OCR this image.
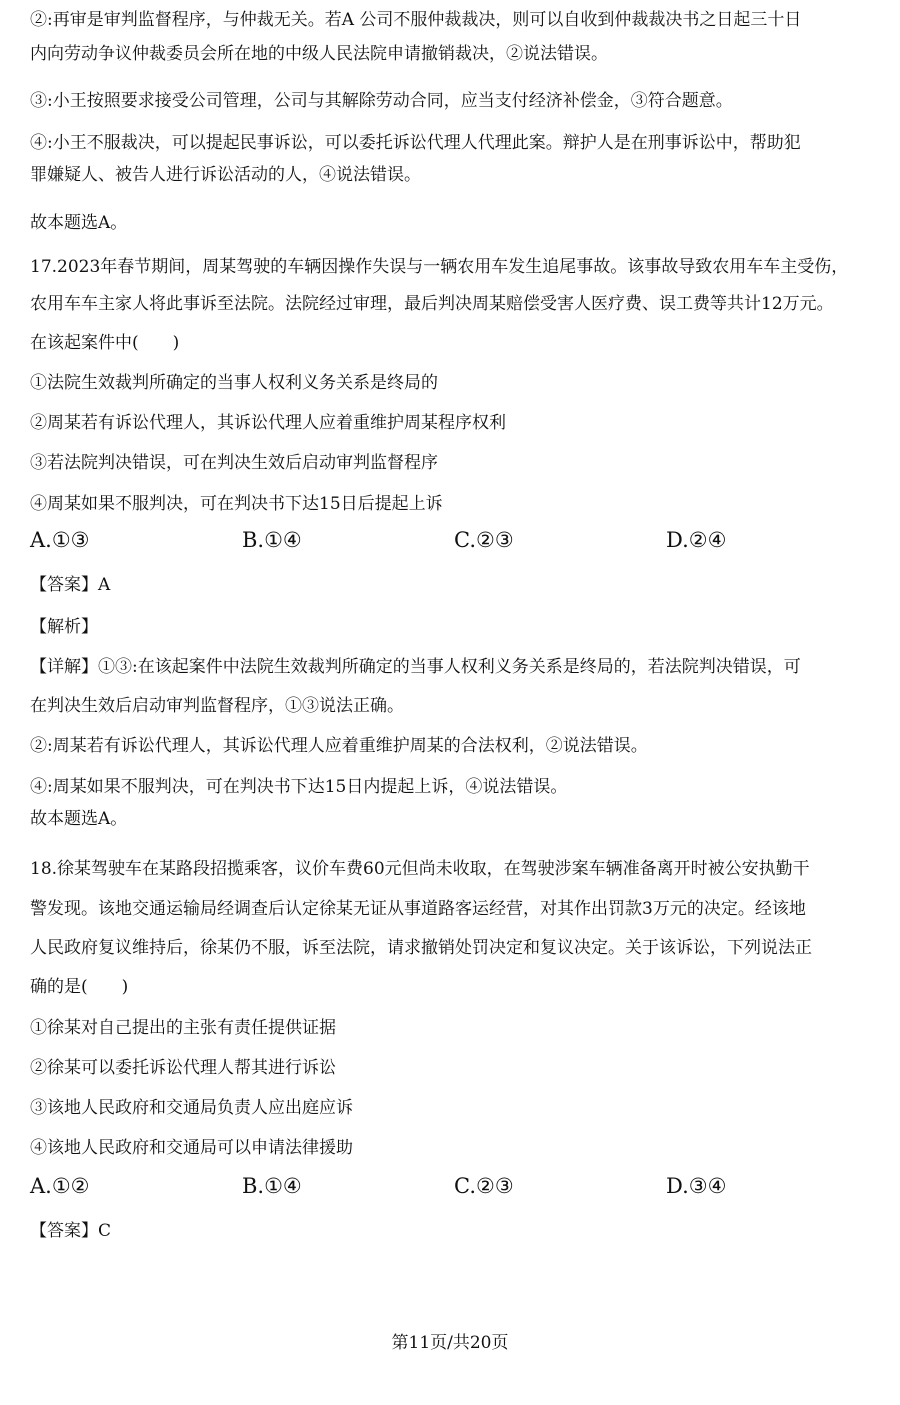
②:再审是审判监督程序，与仲裁无关。若A 公司不服仲裁裁决，则可以自收到仲裁裁决书之日起三十日
内向劳动争议仲裁委员会所在地的中级人民法院申请撤销裁决，②说法错误。
③:小王按照要求接受公司管理，公司与其解除劳动合同，应当支付经济补偿金，③符合题意。
④:小王不服裁决，可以提起民事诉讼，可以委托诉讼代理人代理此案。辩护人是在刑事诉讼中，帮助犯
罪嫌疑人、被告人进行诉讼活动的人，④说法错误。
故本题选A。
17.2023年春节期间，周某驾驶的车辆因操作失误与一辆农用车发生追尾事故。该事故导致农用车车主受伤，
农用车车主家人将此事诉至法院。法院经过审理，最后判决周某赔偿受害人医疗费、误工费等共计12万元。
在该起案件中(　　)
①法院生效裁判所确定的当事人权利义务关系是终局的
②周某若有诉讼代理人，其诉讼代理人应着重维护周某程序权利
③若法院判决错误，可在判决生效后启动审判监督程序
④周某如果不服判决，可在判决书下达15日后提起上诉
A.①③	B.①④	C.②③	D.②④
【答案】A
【解析】
【详解】①③:在该起案件中法院生效裁判所确定的当事人权利义务关系是终局的，若法院判决错误，可
在判决生效后启动审判监督程序，①③说法正确。
②:周某若有诉讼代理人，其诉讼代理人应着重维护周某的合法权利，②说法错误。
④:周某如果不服判决，可在判决书下达15日内提起上诉，④说法错误。
故本题选A。
18.徐某驾驶车在某路段招揽乘客，议价车费60元但尚未收取，在驾驶涉案车辆准备离开时被公安执勤干
警发现。该地交通运输局经调查后认定徐某无证从事道路客运经营，对其作出罚款3万元的决定。经该地
人民政府复议维持后，徐某仍不服，诉至法院，请求撤销处罚决定和复议决定。关于该诉讼，下列说法正
确的是(　　)
①徐某对自己提出的主张有责任提供证据
②徐某可以委托诉讼代理人帮其进行诉讼
③该地人民政府和交通局负责人应出庭应诉
④该地人民政府和交通局可以申请法律援助
A.①②	B.①④	C.②③	D.③④
【答案】C
第11页/共20页
